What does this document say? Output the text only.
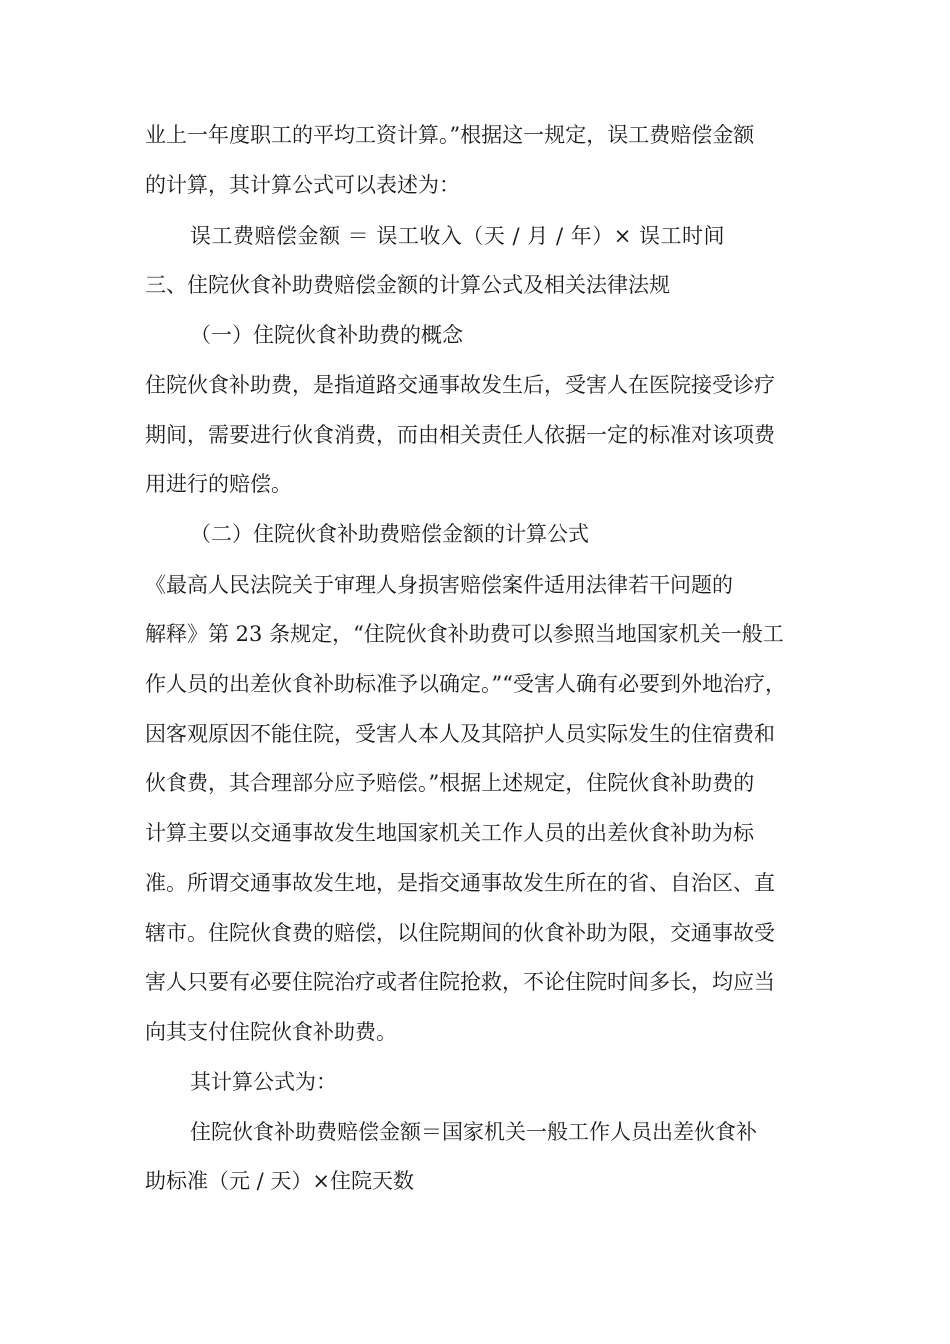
业上一年度职工的平均工资计算。”根据这一规定，误工费赔偿金额
的计算，其计算公式可以表述为：
误工费赔偿金额 ＝ 误工收入（天 / 月 / 年）× 误工时间
三、住院伙食补助费赔偿金额的计算公式及相关法律法规
（一）住院伙食补助费的概念
住院伙食补助费，是指道路交通事故发生后，受害人在医院接受诊疗
期间，需要进行伙食消费，而由相关责任人依据一定的标准对该项费
用进行的赔偿。
（二）住院伙食补助费赔偿金额的计算公式
《最高人民法院关于审理人身损害赔偿案件适用法律若干问题的
解释》第 23 条规定，“住院伙食补助费可以参照当地国家机关一般工
作人员的出差伙食补助标准予以确定。”“受害人确有必要到外地治疗，
因客观原因不能住院，受害人本人及其陪护人员实际发生的住宿费和
伙食费，其合理部分应予赔偿。”根据上述规定，住院伙食补助费的
计算主要以交通事故发生地国家机关工作人员的出差伙食补助为标
准。所谓交通事故发生地，是指交通事故发生所在的省、自治区、直
辖市。住院伙食费的赔偿，以住院期间的伙食补助为限，交通事故受
害人只要有必要住院治疗或者住院抢救，不论住院时间多长，均应当
向其支付住院伙食补助费。
其计算公式为：
住院伙食补助费赔偿金额＝国家机关一般工作人员出差伙食补
助标准（元 / 天）×住院天数
